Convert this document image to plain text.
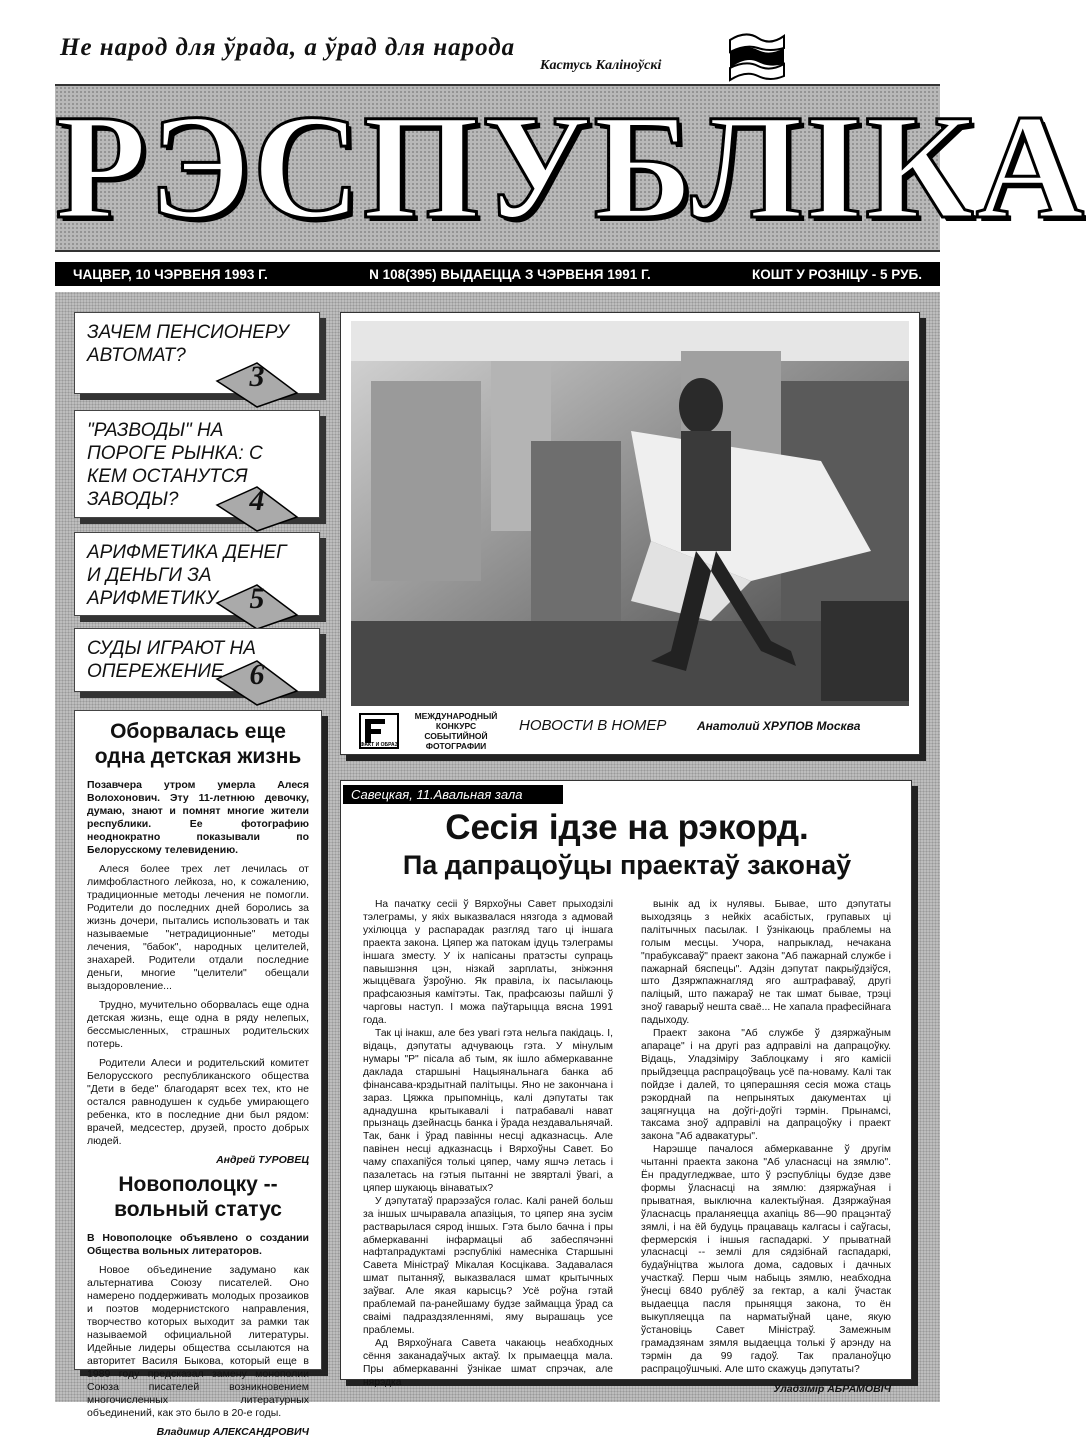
Не народ для ўрада, а ўрад для народа
Кастусь Каліноўскі
РЭСПУБЛІКА
ЧАЦВЕР, 10 ЧЭРВЕНЯ 1993 Г.	N 108(395) ВЫДАЕЦЦА З ЧЭРВЕНЯ 1991 Г.	КОШТ У РОЗНІЦУ - 5 РУБ.
ЗАЧЕМ ПЕНСИОНЕРУ АВТОМАТ?
3
"РАЗВОДЫ" НА ПОРОГЕ РЫНКА: С КЕМ ОСТАНУТСЯ ЗАВОДЫ?	4
АРИФМЕТИКА ДЕНЕГ И ДЕНЬГИ ЗА АРИФМЕТИКУ	5
СУДЫ ИГРАЮТ НА ОПЕРЕЖЕНИЕ 6
ФАКТ И ОБРАЗ
МЕЖДУНАРОДНЫЙ КОНКУРС СОБЫТИЙНОЙ ФОТОГРАФИИ
НОВОСТИ В НОМЕР	Анатолий ХРУПОВ Москва
Оборвалась еще одна детская жизнь
Позавчера утром умерла Алеся Волохонович. Эту 11-летнюю девочку, думаю, знают и помнят многие жители республики. Ее фотографию неоднократно показывали по Белорусскому телевидению.
Алеся более трех лет лечилась от лимфобластного лейкоза, но, к сожалению, традиционные методы лечения не помогли. Родители до последних дней боролись за жизнь дочери, пытались использовать и так называемые "нетрадиционные" методы лечения, "бабок", народных целителей, знахарей. Родители отдали последние деньги, многие "целители" обещали выздоровление...
Трудно, мучительно оборвалась еще одна детская жизнь, еще одна в ряду нелепых, бессмысленных, страшных родительских потерь.
Родители Алеси и родительский комитет Белорусского республиканского общества "Дети в беде" благодарят всех тех, кто не остался равнодушен к судьбе умирающего ребенка, кто в последние дни был рядом: врачей, медсестер, друзей, просто добрых людей.
Андрей ТУРОВЕЦ
Новополоцку -- вольный статус
В Новополоцке объявлено о создании Общества вольных литераторов.
Новое объединение задумано как альтернатива Союзу писателей. Оно намерено поддерживать молодых прозаиков и поэтов модернистского направления, творчество которых выходит за рамки так называемой официальной литературы. Идейные лидеры общества ссылаются на авторитет Василя Быкова, который еще в 1989 году предсказал замену монополии Союза писателей возникновением многочисленных литературных объединений, как это было в 20-е годы.
Владимир АЛЕКСАНДРОВИЧ
Савецкая, 11.Авальная зала
Сесія ідзе на рэкорд.
Па дапрацоўцы праектаў законаў

На пачатку сесіі ў Вярхоўны Савет прыходзілі тэлеграмы, у якіх выказвалася нязгода з адмовай ухілюцца у распарадак разгляд таго ці іншага праекта закона. Цяпер жа патокам ідуць тэлеграмы іншага зместу. У іх напісаны пратэсты супраць павышэння цэн, нізкай зарплаты, зніжэння жыццёвага ўзроўню. Як правіла, іх пасылаюць прафсаюзныя камітэты. Так, прафсаюзы пайшлі ў чарговы наступ. І можа паўтарыцца вясна 1991 года.

Так ці інакш, але без увагі гэта нельга пакідаць. І, відаць, дэпутаты адчуваюць гэта. У мінулым нумары "Р" пісала аб тым, як ішло абмеркаванне даклада старшыні Нацыянальнага банка аб фінансава-крэдытнай палітыцы. Яно не закончана і зараз. Цяжка прыпомніць, калі дэпутаты так аднадушна крытыкавалі і патрабавалі нават прызнаць дзейнасць банка і ўрада нездавальнячай. Так, банк і ўрад павінны несці адказнасць. Але павінен несці адказнасць і Вярхоўны Савет. Бо чаму спахапіўся толькі цяпер, чаму яшчэ летась і пазалетась на гэтыя пытанні не звярталі ўвагі, а цяпер шукаюць вінаватых?

У дэпутатаў прарэзаўся голас. Калі раней больш за іншых шчыравала апазіцыя, то цяпер яна зусім растварылася сярод іншых. Гэта было бачна і пры абмеркаванні інфармацыі аб забеспячэнні нафтапрадуктамі рэспублікі намесніка Старшыні Савета Міністраў Мікалая Косцікава. Задавалася шмат пытанняў, выказвалася шмат крытычных заўваг. Але якая карысць? Усё роўна гэтай праблемай па-ранейшаму будзе займацца ўрад са сваімі падраздзяленнямі, яму вырашаць усе праблемы.

Ад Вярхоўнага Савета чакаюць неабходных сёння заканадаўчых актаў. Іх прымаецца мала. Пры абмеркаванні ўзнікае шмат спрэчак, але нярэдка

вынік ад іх нулявы. Бывае, што дэпутаты выходзяць з нейкіх асабістых, групавых ці палітычных пасылак. І ўзнікаюць праблемы на голым месцы. Учора, напрыклад, нечакана "прабуксаваў" праект закона "Аб пажарнай службе і пажарнай бяспецы". Адзін дэпутат пакрыўдзіўся, што Дзяржпажнагляд яго аштрафаваў, другі паліцый, што пажараў не так шмат бывае, трэці зноў гаварыў нешта сваё... Не хапала прафесійнага падыходу.

Праект закона "Аб службе ў дзяржаўным апараце" і на другі раз адправілі на дапрацоўку. Відаць, Уладзіміру Заблоцкаму і яго камісіі прыйдзецца распрацоўваць усё па-новаму. Калі так пойдзе і далей, то цяперашняя сесія можа стаць рэкорднай па непрынятых дакументах ці зацягнуцца на доўгі-доўгі тэрмін. Прынамсі, таксама зноў адправілі на дапрацоўку і праект закона "Аб адвакатуры".

Нарэшце пачалося абмеркаванне ў другім чытанні праекта закона "Аб уласнасці на зямлю". Ён прадугледжвае, што ў рэспубліцы будзе дзве формы ўласнасці на зямлю: дзяржаўная і прыватная, выключна калектыўная. Дзяржаўная ўласнасць праланяецца ахапіць 86—90 працэнтаў зямлі, і на ёй будуць працаваць калгасы і саўгасы, фермерскія і іншыя гаспадаркі. У прыватнай уласнасці -- землі для сядзібнай гаспадаркі, будаўніцтва жылога дома, садовых і дачных участкаў. Перш чым набыць зямлю, неабходна ўнесці 6840 рублёў за гектар, а калі ўчастак выдаецца пасля прыняцця закона, то ён выкупляецца па нарматыўнай цане, якую ўстановіць Савет Міністраў. Замежным грамадзянам зямля выдаецца толькі ў арэнду на тэрмін да 99 гадоў. Так праланоўцю распрацоўшчыкі. Але што скажуць дэпутаты?

Уладзімір АБРАМОВІЧ
